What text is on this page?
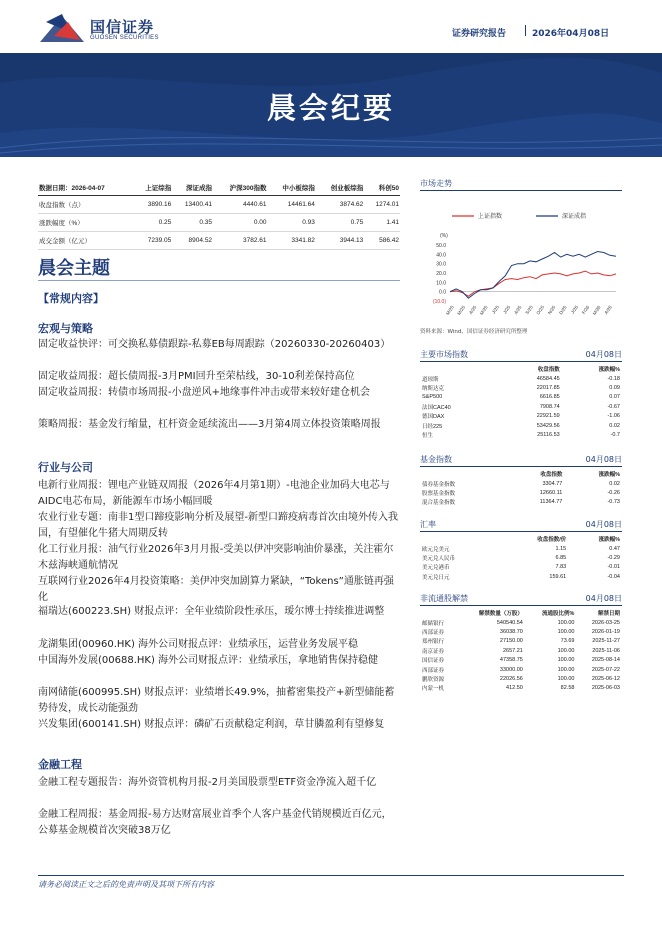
国信证券
GUOSEN SECURITIES	证券研究报告	2026年04月08日
晨会纪要
数据日期：2026-04-07	上证综指	深证成指	沪深300指数	中小板综指	创业板综指	科创50
收盘指数（点）	3890.16	13400.41	4440.61	14461.64	3874.62	1274.01
涨跌幅度（%）	0.25	0.35	0.00	0.93	0.75	1.41
成交金额（亿元）	7239.05	8904.52	3782.61	3341.82	3944.13	586.42
晨会主题
【常规内容】
宏观与策略
固定收益快评：可交换私募债跟踪-私募EB每周跟踪（20260330-20260403）
固定收益周报：超长债周报-3月PMI回升至荣枯线，30-10利差保持高位
固定收益周报：转债市场周报-小盘逆风+地缘事件冲击或带来较好建仓机会
策略周报：基金发行缩量，杠杆资金延续流出——3月第4周立体投资策略周报
行业与公司
电新行业周报：锂电产业链双周报（2026年4月第1期）-电池企业加码大电芯与AIDC电芯布局，新能源车市场小幅回暖
农业行业专题：南非1型口蹄疫影响分析及展望-新型口蹄疫病毒首次由境外传入我国，有望催化牛猪大周期反转
化工行业月报：油气行业2026年3月月报-受美以伊冲突影响油价暴涨，关注霍尔木兹海峡通航情况
互联网行业2026年4月投资策略：美伊冲突加剧算力紧缺，“Tokens”通胀链再强化
福瑞达(600223.SH) 财报点评：全年业绩阶段性承压，瑷尔博士持续推进调整
龙湖集团(00960.HK) 海外公司财报点评：业绩承压，运营业务发展平稳
中国海外发展(00688.HK) 海外公司财报点评：业绩承压，拿地销售保持稳健
南网储能(600995.SH) 财报点评：业绩增长49.9%，抽蓄密集投产+新型储能蓄势待发，成长动能强劲
兴发集团(600141.SH) 财报点评：磷矿石贡献稳定利润，草甘膦盈利有望修复
金融工程
金融工程专题报告：海外资管机构月报-2月美国股票型ETF资金净流入超千亿
金融工程周报：基金周报-易方达财富展业首季个人客户基金代销规模近百亿元，公募基金规模首次突破38万亿
市场走势
上证指数	深证成指
(%)
50.0
40.0
30.0
20.0
10.0
0.0
(10.0)
M/25 M/25 A/25 M/25 J/25 J/25 A/25 S/25 O/25 N/25 D/25 J/26 F/26 M/26 A/26
资料来源：Wind、国信证券经济研究所整理
主要市场指数	04月08日
	收盘指数	涨跌幅%
道琼斯	46584.45	-0.18
纳斯达克	22017.85	0.09
S&P500	6616.85	0.07
法国CAC40	7908.74	-0.67
德国DAX	22921.59	-1.06
日经225	53429.56	0.02
恒生	25116.53	-0.7
基金指数	04月08日
	收盘指数	涨跌幅%
债券基金指数	3304.77	0.02
股票基金指数	12660.11	-0.26
混合基金指数	11364.77	-0.73
汇率	04月08日
	收盘指数/价	涨跌幅%
欧元兑美元	1.15	0.47
美元兑人民币	6.85	-0.29
美元兑港币	7.83	-0.01
美元兑日元	159.61	-0.04
非流通股解禁	04月08日
	解禁数量（万股）	流通股比例%	解禁日期
邮储银行	540540.54	100.00	2026-03-25
西部证券	36038.70	100.00	2026-01-19
郑州银行	27150.00	73.69	2025-11-27
南京证券	2657.21	100.00	2025-11-06
国信证券	47358.75	100.00	2025-08-14
西部证券	33000.00	100.00	2025-07-22
鹏欣资源	22026.56	100.00	2025-06-12
内蒙一机	412.50	82.58	2025-06-03
请务必阅读正文之后的免责声明及其项下所有内容
